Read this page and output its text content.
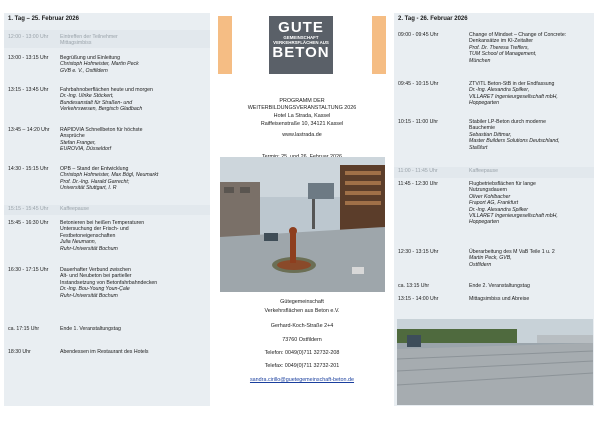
1. Tag – 25. Februar 2026
12:00 - 13:00 Uhr	Eintreffen der Teilnehmer
Mittagsimbiss
13:00 - 13:15 Uhr	Begrüßung und Einleitung
Christoph Hofmeister, Martin Peck
GVB e. V., Ostfildern
13:15 - 13:45 Uhr	Fahrbahnoberflächen heute und morgen
Dr.-Ing. Ulrike Stöckert,
Bundesanstalt für Straßen- und
Verkehrswesen, Bergisch Gladbach
13:45 – 14:20 Uhr	RAPIDVIA Schnellbeton für höchste
Ansprüche
Stefan Franger,
EUROVIA, Düsseldorf
14:30 - 15:15 Uhr	OPB – Stand der Entwicklung
Christoph Hofmeister, Max Bögl, Neumarkt
Prof. Dr.-Ing. Harald Garrecht;
Universität Stuttgart, I. R
15:15 - 15:45 Uhr	Kaffeepause
15:45 - 16:30 Uhr	Betonieren bei heißen Temperaturen
Untersuchung der Frisch- und
Festbetoneigenschaften
Julia Neumann,
Ruhr-Universität Bochum
16:30 - 17:15 Uhr	Dauerhafter Verbund zwischen
Alt- und Neubeton bei partieller
Instandsetzung von Betonfahrbahndecken
Dr.-Ing. Bou-Young Youn-Çale
Ruhr-Universität Bochum
ca. 17:15 Uhr	Ende 1. Veranstaltungstag
18:30 Uhr	Abendessen im Restaurant des Hotels
GUTE
GEMEINSCHAFT VERKEHRSFLÄCHEN AUS
BETON
PROGRAMM DER
WEITERBILDUNGSVERANSTALTUNG 2026
Hotel La Strada, Kassel
Raiffeisenstraße 10, 34121 Kassel
www.lastrada.de
Gütegemeinschaft
Verkehrsflächen aus Beton e.V.
Gerhard-Koch-Straße 2+4
73760 Ostfildern
Telefon: 0049(0)711 32732-208
Telefax: 0049(0)711 32732-201
sandra.cirillo@guetegemeinschaft-beton.de
2. Tag - 26. Februar 2026
09:00 - 09:45 Uhr	Change of Mindset – Change of Concrete:
Denkansätze im KI-Zeitalter
Prof. Dr. Theresa Treffers,
TUM School of Management,
München
09:45 - 10:15 Uhr	ZTV/TL Beton-StB in der Endfassung
Dr.-Ing. Alexandra Spilker,
VILLARET Ingenieurgesellschaft mbH,
Hoppegarten
10:15 - 11:00 Uhr	Stabiler LP-Beton durch moderne
Bauchemie
Sebastian Dittmar,
Master Builders Solutions Deutschland,
Staßfurt
11:00 - 11:45 Uhr	Kaffeepause
11:45 - 12:30 Uhr	Flugbetriebsflächen für lange
Nutzungsdauern
Oliver Kohlbacher
Fraport AG, Frankfurt
Dr.-Ing. Alexandra Spilker
VILLARET Ingenieurgesellschaft mbH,
Hoppegarten
12:30 - 13:15 Uhr	Überarbeitung des M VaB Teile 1 u. 2
Martin Peck, GVB,
Ostfildern
ca. 13:15 Uhr	Ende 2. Veranstaltungstag
13:15 - 14:00 Uhr	Mittagsimbiss und Abreise
